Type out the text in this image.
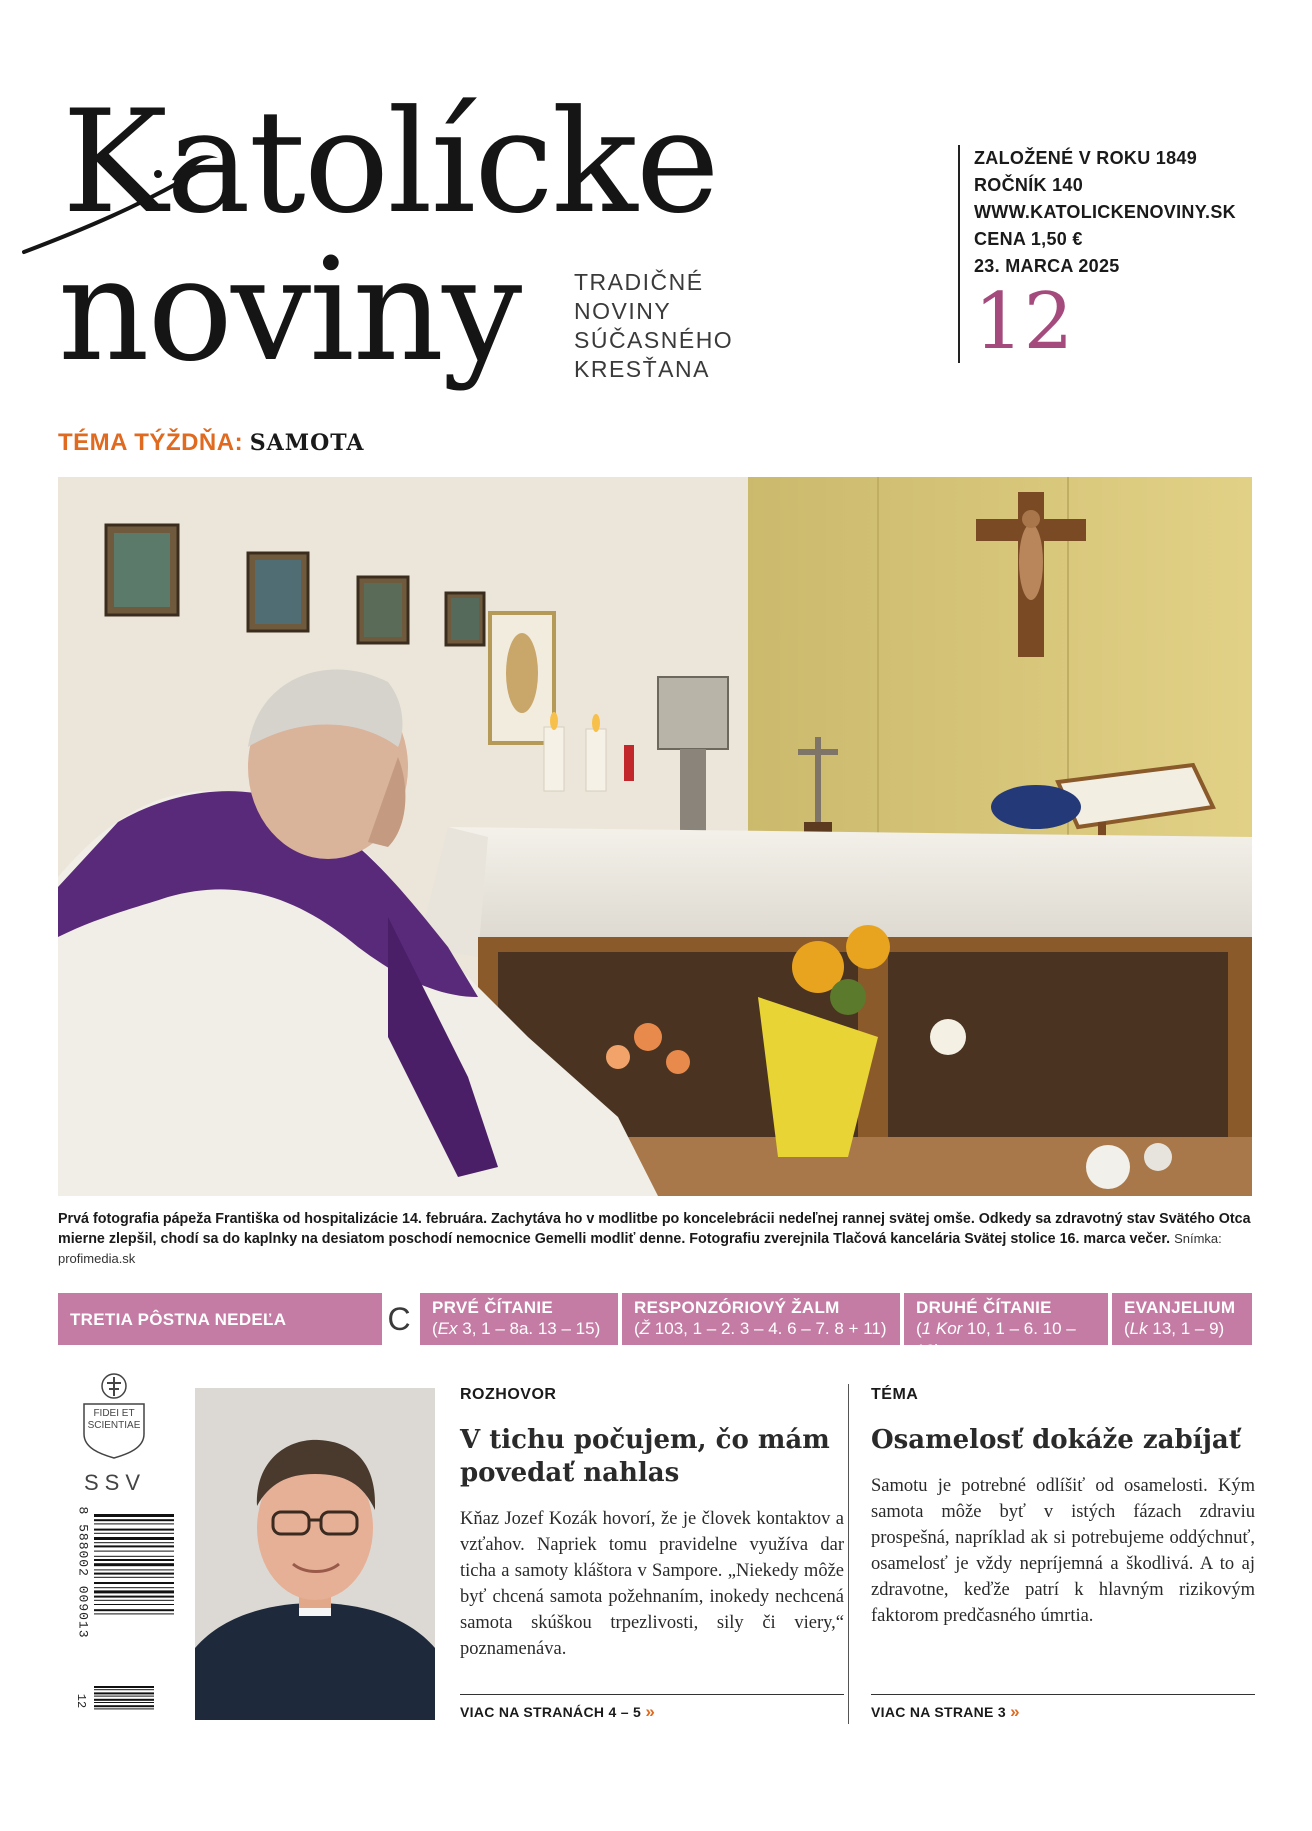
Katolícke
noviny TRADIČNÉ NOVINY
SÚČASNÉHO
KRESŤANA
ZALOŽENÉ V ROKU 1849
ROČNÍK 140
WWW.KATOLICKENOVINY.SK
CENA 1,50 €
23. MARCA 2025
12
TÉMA TÝŽDŇA: SAMOTA
Prvá fotografia pápeža Františka od hospitalizácie 14. februára. Zachytáva ho v modlitbe po koncelebrácii nedeľnej rannej svätej omše. Odkedy sa zdravotný stav Svätého Otca mierne zlepšil, chodí sa do kaplnky na desiatom poschodí nemocnice Gemelli modliť denne. Fotografiu zverejnila Tlačová kancelária Svätej stolice 16. marca večer. Snímka: profimedia.sk
TRETIA PÔSTNA NEDEĽA	C	PRVÉ ČÍTANIE
(Ex 3, 1 – 8a. 13 – 15)
RESPONZÓRIOVÝ ŽALM
(Ž 103, 1 – 2. 3 – 4. 6 – 7. 8 + 11)
DRUHÉ ČÍTANIE
(1 Kor 10, 1 – 6. 10 – 12)
EVANJELIUM
(Lk 13, 1 – 9)
FIDEI ET SCIENTIAE
SSV
8 588002 009013
12
ROZHOVOR
V tichu počujem, čo mám povedať nahlas
Kňaz Jozef Kozák hovorí, že je človek kontaktov a vzťahov. Napriek tomu pravidelne využíva dar ticha a samoty kláštora v Sampore. „Niekedy môže byť chcená samota požehnaním, inokedy nechcená samota skúškou trpezlivosti, sily či viery,“ poznamenáva.
VIAC NA STRANÁCH 4 – 5 »
TÉMA
Osamelosť dokáže zabíjať
Samotu je potrebné odlíšiť od osamelosti. Kým samota môže byť v istých fázach zdraviu prospešná, napríklad ak si potrebujeme oddýchnuť, osamelosť je vždy nepríjemná a škodlivá. A to aj zdravotne, keďže patrí k hlavným rizikovým faktorom predčasného úmrtia.
VIAC NA STRANE 3 »
